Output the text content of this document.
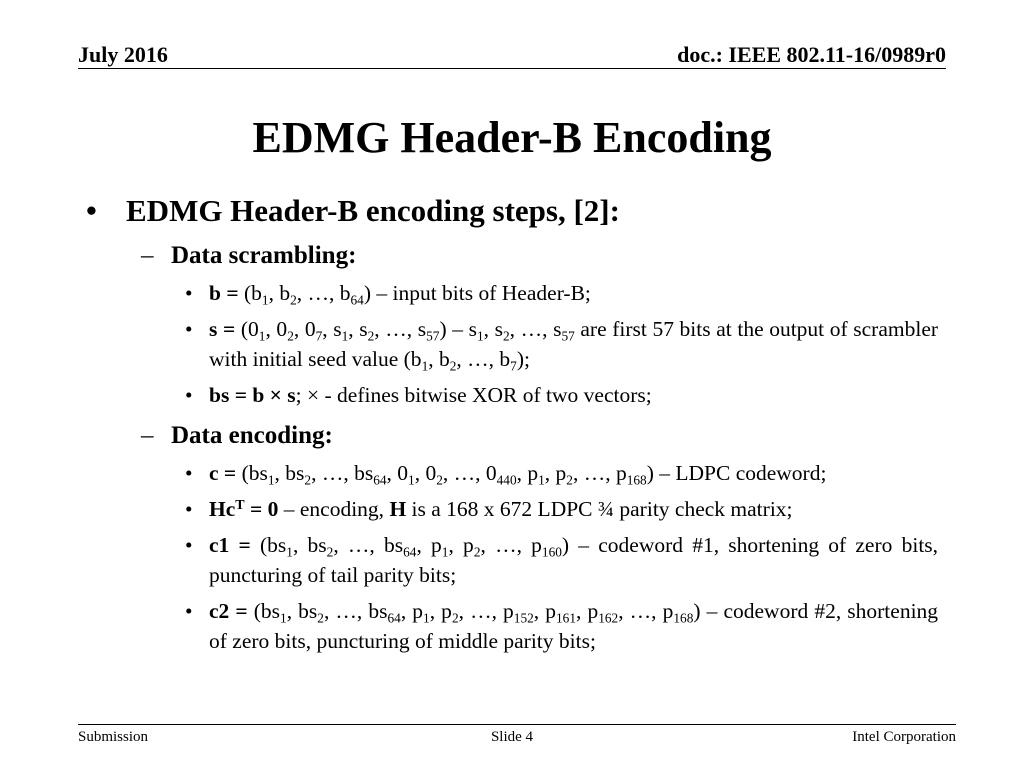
July 2016	doc.: IEEE 802.11-16/0989r0
EDMG Header-B Encoding
• EDMG Header-B encoding steps, [2]:
– Data scrambling:
• $b = (b_1$, $b_2$, …, $b_{64}$) – input bits of Header-B;
• $s = (0_1$, $0_2$, $0_7$, $s_1$, $s_2$, …, $s_{57}) - s_1$, $s_2$, …, $s_{57}$ are first 57 bits at the output of scrambler with initial seed value ($b_1$, $b_2$, …, $b_7$);
• bs = b × s; × - defines bitwise XOR of two vectors;
– Data encoding:
• $c = (bs_1$, $bs_2$, …, $bs_{64}$, $0_1$, $0_2$, …, $0_{440}$, $p_1$, $p_2$, …, $p_{168}$) – LDPC codeword;
• $Hc^T = 0$ – encoding, H is a 168 x 672 LDPC ¾ parity check matrix;
• $c1 = (bs_1$, $bs_2$, …, $bs_{64}$, $p_1$, $p_2$, …, $p_{160}$) – codeword #1, shortening of zero bits, puncturing of tail parity bits;
• $c2 = (bs_1$, $bs_2$, …, $bs_{64}$, $p_1$, $p_2$, …, $p_{152}$, $p_{161}$, $p_{162}$, …, $p_{168}$) – codeword #2, shortening of zero bits, puncturing of middle parity bits;
Submission	Slide 4	Intel Corporation
